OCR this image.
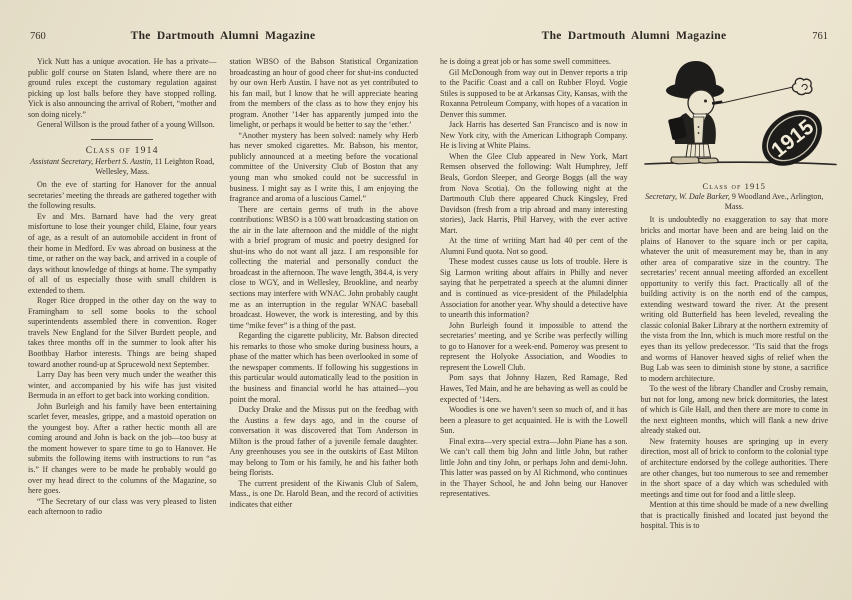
760	The Dartmouth Alumni Magazine

Yick Nutt has a unique avocation. He has a private—public golf course on Staten Island, where there are no ground rules except the customary regulation against picking up lost balls before they have stopped rolling. Yick is also announcing the arrival of Robert, “mother and son doing nicely.”

General Willson is the proud father of a young Willson.

Class of 1914
Assistant Secretary, Herbert S. Austin, 11 Leighton Road, Wellesley, Mass.

On the eve of starting for Hanover for the annual secretaries’ meeting the threads are gathered together with the following results.

Ev and Mrs. Barnard have had the very great misfortune to lose their younger child, Elaine, four years of age, as a result of an automobile accident in front of their home in Medford. Ev was abroad on business at the time, or rather on the way back, and arrived in a couple of days without knowledge of things at home. The sympathy of all of us especially those with small children is extended to them.

Roger Rice dropped in the other day on the way to Framingham to sell some books to the school superintendents assembled there in convention. Roger travels New England for the Silver Burdett people, and takes three months off in the summer to look after his Boothbay Harbor interests. Things are being shaped toward another round-up at Sprucewold next September.

Larry Day has been very much under the weather this winter, and accompanied by his wife has just visited Bermuda in an effort to get back into working condition.

John Burleigh and his family have been entertaining scarlet fever, measles, grippe, and a mastoid operation on the youngest boy. After a rather hectic month all are coming around and John is back on the job—too busy at the moment however to spare time to go to Hanover. He submits the following items with instructions to run “as is.” If changes were to be made he probably would go over my head direct to the columns of the Magazine, so here goes.

“The Secretary of our class was very pleased to listen each afternoon to radio

station WBSO of the Babson Statistical Organization broadcasting an hour of good cheer for shut-ins conducted by our own Herb Austin. I have not as yet contributed to his fan mail, but I know that he will appreciate hearing from the members of the class as to how they enjoy his program. Another ’14er has apparently jumped into the limelight, or perhaps it would be better to say the ‘ether.’

“Another mystery has been solved: namely why Herb has never smoked cigarettes. Mr. Babson, his mentor, publicly announced at a meeting before the vocational committee of the University Club of Boston that any young man who smoked could not be successful in business. I might say as I write this, I am enjoying the fragrance and aroma of a luscious Camel.”

There are certain germs of truth in the above contributions: WBSO is a 100 watt broadcasting station on the air in the late afternoon and the middle of the night with a brief program of music and poetry designed for shut-ins who do not want all jazz. I am responsible for collecting the material and personally conduct the broadcast in the afternoon. The wave length, 384.4, is very close to WGY, and in Wellesley, Brookline, and nearby sections may interfere with WNAC. John probably caught me as an interruption in the regular WNAC baseball broadcast. However, the work is interesting, and by this time “mike fever” is a thing of the past.

Regarding the cigarette publicity, Mr. Babson directed his remarks to those who smoke during business hours, a phase of the matter which has been overlooked in some of the newspaper comments. If following his suggestions in this particular would automatically lead to the position in the business and financial world he has attained—you point the moral.

Ducky Drake and the Missus put on the feedbag with the Austins a few days ago, and in the course of conversation it was discovered that Tom Anderson in Milton is the proud father of a juvenile female daughter. Any greenhouses you see in the outskirts of East Milton may belong to Tom or his family, he and his father both being florists.

The current president of the Kiwanis Club of Salem, Mass., is one Dr. Harold Bean, and the record of activities indicates that either

The Dartmouth Alumni Magazine	761

he is doing a great job or has some swell committees.

Gil McDonough from way out in Denver reports a trip to the Pacific Coast and a call on Rubber Floyd. Vogie Stiles is supposed to be at Arkansas City, Kansas, with the Roxanna Petroleum Company, with hopes of a vacation in Denver this summer.

Jack Harris has deserted San Francisco and is now in New York city, with the American Lithograph Company. He is living at White Plains.

When the Glee Club appeared in New York, Mart Remsen observed the following: Walt Humphrey, Jeff Beals, Gordon Sleeper, and George Boggs (all the way from Nova Scotia). On the following night at the Dartmouth Club there appeared Chuck Kingsley, Fred Davidson (fresh from a trip abroad and many interesting stories), Jack Harris, Phil Harvey, with the ever active Mart.

At the time of writing Mart had 40 per cent of the Alumni Fund quota. Not so good.

These modest cusses cause us lots of trouble. Here is Sig Larmon writing about affairs in Philly and never saying that he perpetrated a speech at the alumni dinner and is continued as vice-president of the Philadelphia Association for another year. Why should a detective have to unearth this information?

John Burleigh found it impossible to attend the secretaries’ meeting, and ye Scribe was perfectly willing to go to Hanover for a week-end. Pomeroy was present to represent the Holyoke Association, and Woodies to represent the Lowell Club.

Pom says that Johnny Hazen, Red Ramage, Red Hawes, Ted Main, and he are behaving as well as could be expected of ’14ers.

Woodies is one we haven’t seen so much of, and it has been a pleasure to get acquainted. He is with the Lowell Sun.

Final extra—very special extra—John Piane has a son. We can’t call them big John and little John, but rather little John and tiny John, or perhaps John and demi-John. This latter was passed on by Al Richmond, who continues in the Thayer School, he and John being our Hanover representatives.

1915
Class of 1915
Secretary, W. Dale Barker, 9 Woodland Ave., Arlington, Mass.

It is undoubtedly no exaggeration to say that more bricks and mortar have been and are being laid on the plains of Hanover to the square inch or per capita, whatever the unit of measurement may be, than in any other area of comparative size in the country. The secretaries’ recent annual meeting afforded an excellent opportunity to verify this fact. Practically all of the building activity is on the north end of the campus, extending westward toward the river. At the present writing old Butterfield has been leveled, revealing the classic colonial Baker Library at the northern extremity of the vista from the Inn, which is much more restful on the eyes than its yellow predecessor. ’Tis said that the frogs and worms of Hanover heaved sighs of relief when the Bug Lab was seen to diminish stone by stone, a sacrifice to modern architecture.

To the west of the library Chandler and Crosby remain, but not for long, among new brick dormitories, the latest of which is Gile Hall, and then there are more to come in the next eighteen months, which will flank a new drive already staked out.

New fraternity houses are springing up in every direction, most all of brick to conform to the colonial type of architecture endorsed by the college authorities. There are other changes, but too numerous to see and remember in the short space of a day which was scheduled with meetings and time out for food and a little sleep.

Mention at this time should be made of a new dwelling that is practically finished and located just beyond the hospital. This is to
